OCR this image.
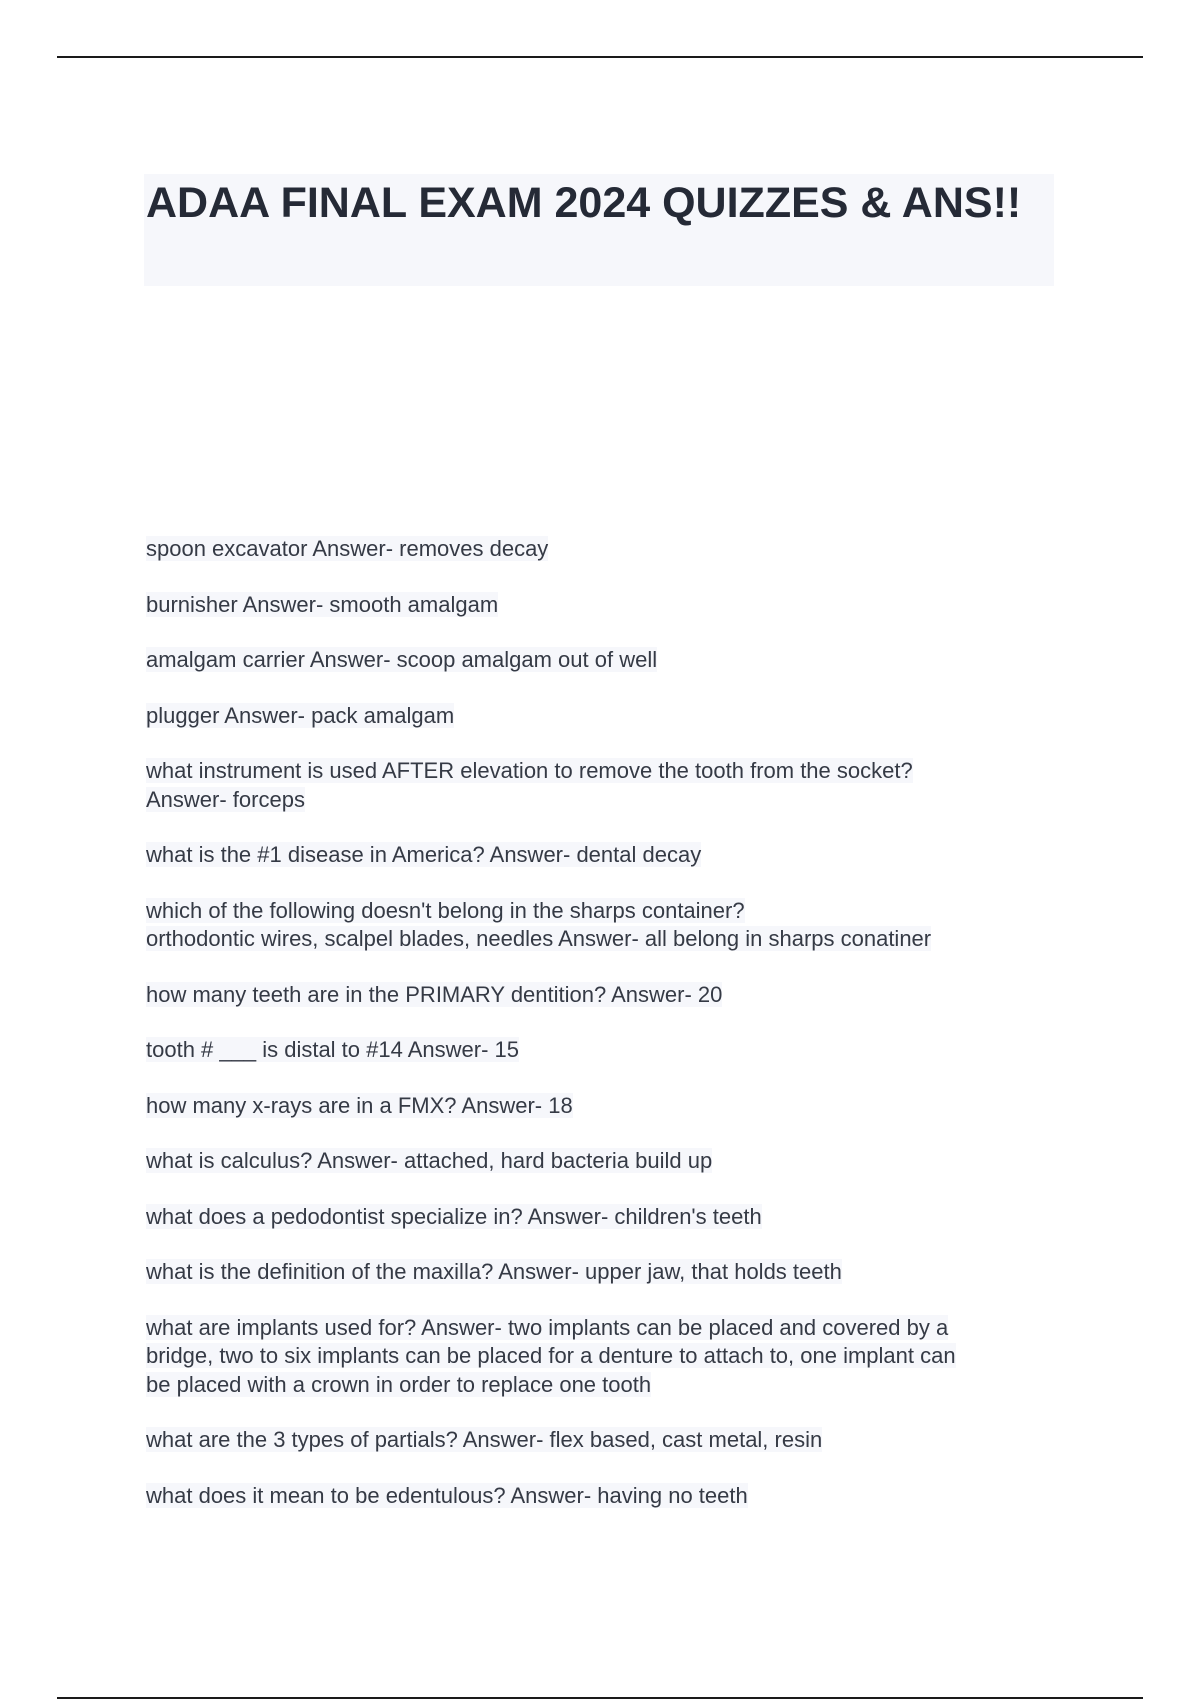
ADAA FINAL EXAM 2024 QUIZZES & ANS!!
spoon excavator Answer- removes decay
burnisher Answer- smooth amalgam
amalgam carrier Answer- scoop amalgam out of well
plugger Answer- pack amalgam
what instrument is used AFTER elevation to remove the tooth from the socket?
Answer- forceps
what is the #1 disease in America? Answer- dental decay
which of the following doesn't belong in the sharps container?
orthodontic wires, scalpel blades, needles Answer- all belong in sharps conatiner
how many teeth are in the PRIMARY dentition? Answer- 20
tooth # ___ is distal to #14 Answer- 15
how many x-rays are in a FMX? Answer- 18
what is calculus? Answer- attached, hard bacteria build up
what does a pedodontist specialize in? Answer- children's teeth
what is the definition of the maxilla? Answer- upper jaw, that holds teeth
what are implants used for? Answer- two implants can be placed and covered by a
bridge, two to six implants can be placed for a denture to attach to, one implant can
be placed with a crown in order to replace one tooth
what are the 3 types of partials? Answer- flex based, cast metal, resin
what does it mean to be edentulous? Answer- having no teeth
